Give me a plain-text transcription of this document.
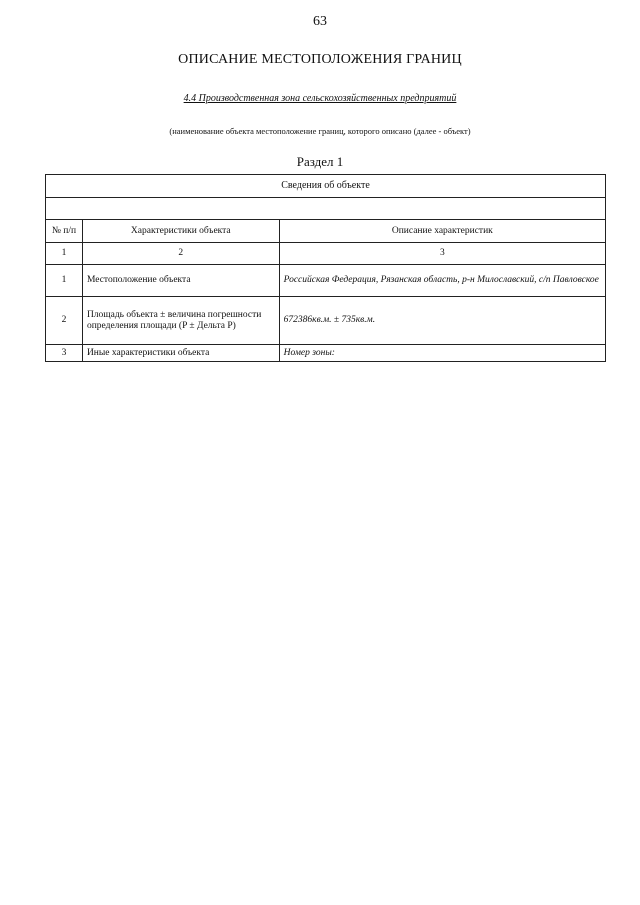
63
ОПИСАНИЕ МЕСТОПОЛОЖЕНИЯ ГРАНИЦ
4.4 Производственная зона сельскохозяйственных предприятий
(наименование объекта местоположение границ, которого описано (далее - объект)
Раздел 1
Сведения об объекте		

№ п/п	Характеристики объекта	Описание характеристик
1	2	3
1	Местоположение объекта	Российская Федерация, Рязанская область, р-н Милославский, с/п Павловское
2	Площадь объекта ± величина погрешности определения площади (P ± Дельта P)	672386кв.м. ± 735кв.м.
3	Иные характеристики объекта	Номер зоны:
